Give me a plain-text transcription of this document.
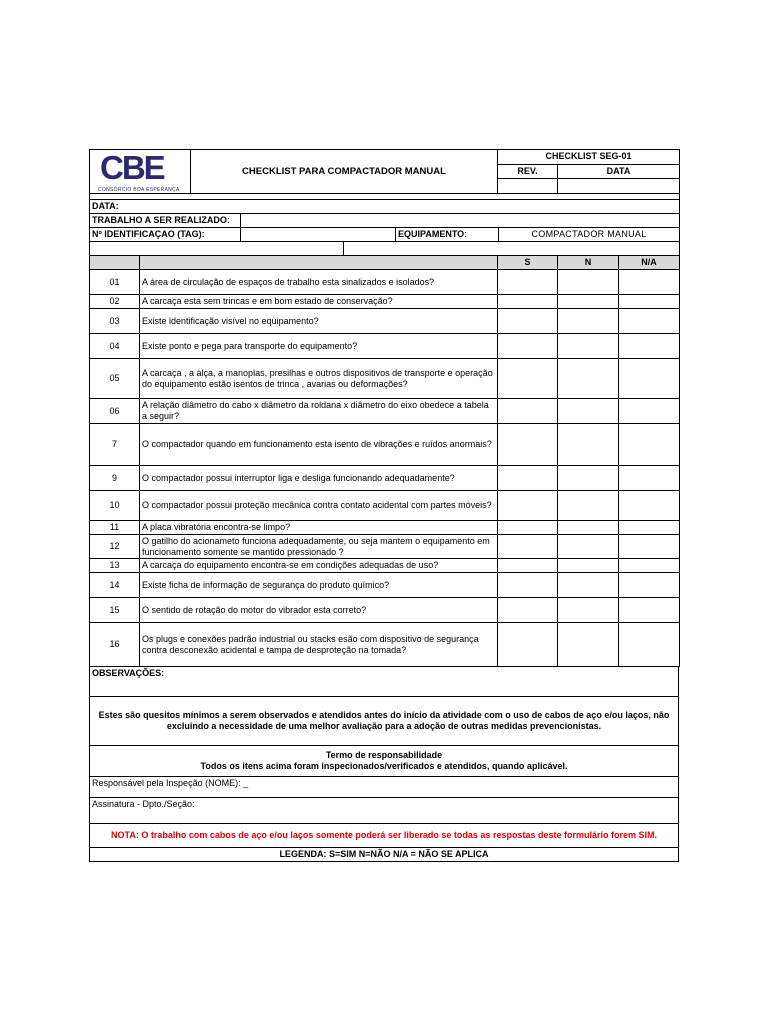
CBE
CONSÓRCIO BOA ESPERANÇA	CHECKLIST PARA COMPACTADOR MANUAL	CHECKLIST SEG-01	
		REV.	DATA

DATA:				
TRABALHO A SER REALIZADO:				
Nº IDENTIFICAÇAO (TAG):			EQUIPAMENTO:	COMPACTADOR MANUAL

		S	N	N/A
01	A área de circulação de espaços de trabalho esta sinalizados e isolados?			
02	A carcaça esta sem trincas e em bom estado de conservação?			
03	Existe identificação visível no equipamento?			
04	Existe ponto e pega para transporte do equipamento?			
05	A carcaça , a alça, a manoplas, presilhas e outros dispositivos de transporte e operação do equipamento estão isentos de trinca , avarias ou deformações?			
06	A relação diâmetro do cabo x diâmetro da roldana x diâmetro do eixo obedece a tabela a seguir?			
7	O compactador quando em funcionamento esta isento de vibrações e ruídos anormais?			
9	O compactador possui interruptor liga e desliga funcionando adequadamente?			
10	O compactador possui proteção mecânica contra contato acidental com partes móveis?			
11	A placa vibratória encontra-se limpo?			
12	O gatilho do acionameto funciona adequadamente, ou seja mantem o equipamento em funcionamento somente se mantido pressionado ?			
13	A carcaça do equipamento encontra-se em condições adequadas de uso?			
14	Existe ficha de informação de segurança do produto químico?			
15	O sentido de rotação do motor do vibrador esta correto?			
16	Os plugs e conexões padrão industrial ou stacks esão com dispositivo de segurança contra desconexão acidental e tampa de desproteção na tomada?			
OBSERVAÇÕES:
Estes são quesitos mínimos a serem observados e atendidos antes do início da atividade com o uso de cabos de aço e/ou laços, não excluindo a necessidade de uma melhor avaliação para a adoção de outras medidas prevencionistas.

Termo de responsabilidade
Todos os itens acima foram inspecionados/verificados e atendidos, quando aplicável.

Responsável pela Inspeção (NOME): _
Assinatura - Dpto./Seção:
NOTA: O trabalho com cabos de aço e/ou laços somente poderá ser liberado se todas as respostas deste formulário forem SIM.
LEGENDA: S=SIM N=NÃO N/A = NÃO SE APLICA
